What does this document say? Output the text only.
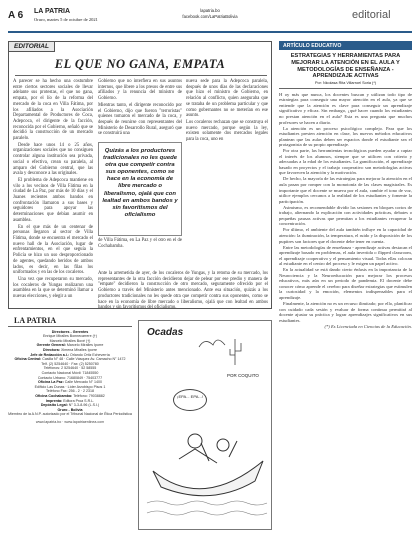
A 6 LA PATRIA
Oruro, martes 5 de octubre de 2021
lapatria.bo
facebook.com/LaPatriaBolivia	editorial
EDITORIAL
EL QUE NO GANA, EMPATA

A parecer se ha hecho una costumbre entre ciertos sectores sociales de llevar adelante sus protestas, el que no gana, empata, por el lío de la reforma del mercado de la coca en Villa Fátima, por los afiliados a la Asociación Departamental de Productores de Coca, Adepcoca, el dirigente de la facción, reconocida por el Gobierno, señaló que se decidió la construcción de un mercado paralelo.

Desde hace unos 14 o 25 años, organizaciones sociales que no consiguen controlar alguna institución sea privada, social o efectiva, crean su paralela, al amparo del Gobierno central, que las avala y desconoce a las originales.

El problema de Adepcoca mantiene en vilo a los vecinos de Villa Fátima en la ciudad de La Paz, por más de 10 días y el Juanes recientes ambos bandos en confrontación llamaron a sus bases y seguidores para apoyar las determinaciones que debían asumir en asamblea.

En el que más de un centenar de personas llegaron al sector de Villa Fátima, donde se encuentra el mercado el nuevo hall de la Asociación, lugar de enfrentamientos, en el que seguía la Policía se hizo un uso desproporcionado de agentes, quedando heridos de ambos lados, es decir, en las filas los uniformados y en las de los cocaleros.

Una vez que recuperaron su mercado, los cocaleros de Yungas realizaron una asamblea en la que se determinó llamar a nuevas elecciones, y elegir a un

Gobierno que no interfiera en sus asuntos internos, que libere a los presos de entre sus afiliados y la renuncia del ministro de Gobierno.

Mientras tanto, el dirigente reconocido por el Gobierno, dijo que fueron "terroristas" quienes tomaron el mercado de la coca, y después de reunirse con representantes del Ministerio de Desarrollo Rural, aseguró que se construirá una

Quizás a los productores tradicionales no les quede otra que competir contra sus oponentes, como se hace en la economía de libre mercado o liberalismo, ojalá que con lealtad en ambos bandos y sin favoritismos del oficialismo
de Villa Fátima, en La Paz y el otro en el de Cochabamba.

nueva sede para la Adepcoca paralela, después de unos días de las declaraciones que hizo el ministro de Gobierno, en relación al conflicto, quien aseguraba que se trataba de un problema particular y que como gobernantes no se meterían en ese asunto.

Los cocaleros rechazan que se construya el nuevo mercado, porque según la ley, existen solamente dos mercados legales para la coca, uno en

Ante la arremetida de ayer, de los cocaleros de Yungas, y la retoma de su mercado, los representantes de la otra facción decidieron dejar de pelear por ese predio y manera de "empate" decidieron la construcción de otro mercado, seguramente ofrecido por el Gobierno a través del Ministerio antes mencionado. Ante esa situación, quizás a los productores tradicionales no les quede otra que competir contra sus oponentes, como se hace en la economía de libre mercado o liberalismo, ojalá que con lealtad en ambos bandos y sin favoritismos del oficialismo.
LA PATRIA
Directores - Gerentes
Enrique Miralles Bonnecarrere (†)
Marcelo Miralles Bové (†)
Gerente General: Marcelo Miralles Iporre
Directora: Ximena Miralles Iporre
Jefe de Redacción a.i.: Orlando Ortiz Echeverría
Oficina Central: Casilla N° 48 · Calle Vásquez Av. Camacho N° 1472
Telf. (2) 5254640 · Fax: (2) 5250780
Teléfonos: 2 5254640 · 52 58555
Contacto Nacional Móvil: 71845550
Contacto Urbano: 71680849 · 75403777
Oficina La Paz: Calle Mercado N° 1400
Edificio Las Dunas · Líder Arzobispo Pisos 1
Teléfono Fax: 256 - 2 · 2 2318
Oficina Cochabamba: Teléfono: 79038882
Imprenta: Editora Proa S.R.L.
Depósito Legal: N° 3-3-8-96 (L.S.I.)
Oruro - Bolivia
Miembro de la A.N.P. autorizado por el Tribunal Nacional de Ética Periodística
www.lapatria.bo · www.lapatriaenlinea.com
Ocadas
POR COQUITO
¡EPA... EPA...!
ARTÍCULO EDUCATIVO
ESTRATEGIAS Y HERRAMIENTAS PARA MEJORAR LA ATENCIÓN EN EL AULA Y METODOLOGÍAS DE ENSEÑANZA - APRENDIZAJE ACTIVAS
Por: Nicolasa Rita Villarroel Soria (*)

H oy más que nunca, los docentes buscan y utilizan todo tipo de estrategias para conseguir una mayor atención en el aula, ya que se entiende que la atención es clave para conseguir un aprendizaje significativo y eficaz. Sin embargo, ¿qué hacer cuando los estudiantes no prestan atención en el aula? Esta es una pregunta que muchos profesores se hacen a diario.

La atención es un proceso psicológico complejo. Para que los estudiantes presten atención en clase, los nuevos métodos educativos plantean que las aulas deben ser espacios donde el estudiante sea el protagonista de su propio aprendizaje.

Por otra parte, las herramientas tecnológicas pueden ayudar a captar el interés de los alumnos, siempre que se utilicen con criterio y adecuadas a la edad de los estudiantes. La gamificación, el aprendizaje basado en proyectos y el trabajo cooperativo son metodologías activas que favorecen la atención y la motivación.

De hecho, la mayoría de las estrategias para mejorar la atención en el aula pasan por romper con la monotonía de las clases magistrales. Es importante que el docente se mueva por el aula, cambie el tono de voz, utilice ejemplos cercanos a la realidad de los estudiantes y fomente la participación.

Asimismo, es recomendable dividir las sesiones en bloques cortos de trabajo, alternando la explicación con actividades prácticas, debates o pequeñas pausas activas que permitan a los estudiantes recuperar la concentración.

Por último, el ambiente del aula también influye en la capacidad de atención: la iluminación, la temperatura, el ruido y la disposición de los pupitres son factores que el docente debe tener en cuenta.

Entre las metodologías de enseñanza - aprendizaje activas destacan el aprendizaje basado en problemas, el aula invertida o flipped classroom, el aprendizaje cooperativo y el pensamiento visual. Todas ellas colocan al estudiante en el centro del proceso y le exigen un papel activo.

En la actualidad se está dando cierto énfasis en la importancia de la Neurociencia y la Neuroeducación para mejorar los procesos educativos, más aún en un periodo de pandemia. El docente debe conocer cómo aprende el cerebro para diseñar estrategias que estimulen la curiosidad y la emoción, elementos indispensables para el aprendizaje.

Finalmente, la atención no es un recurso ilimitado; por ello, planificar con cuidado cada sesión y evaluar de forma continua permitirá al docente ajustar su práctica y lograr aprendizajes significativos en sus estudiantes.

(*) Es Licenciada en Ciencias de la Educación.
